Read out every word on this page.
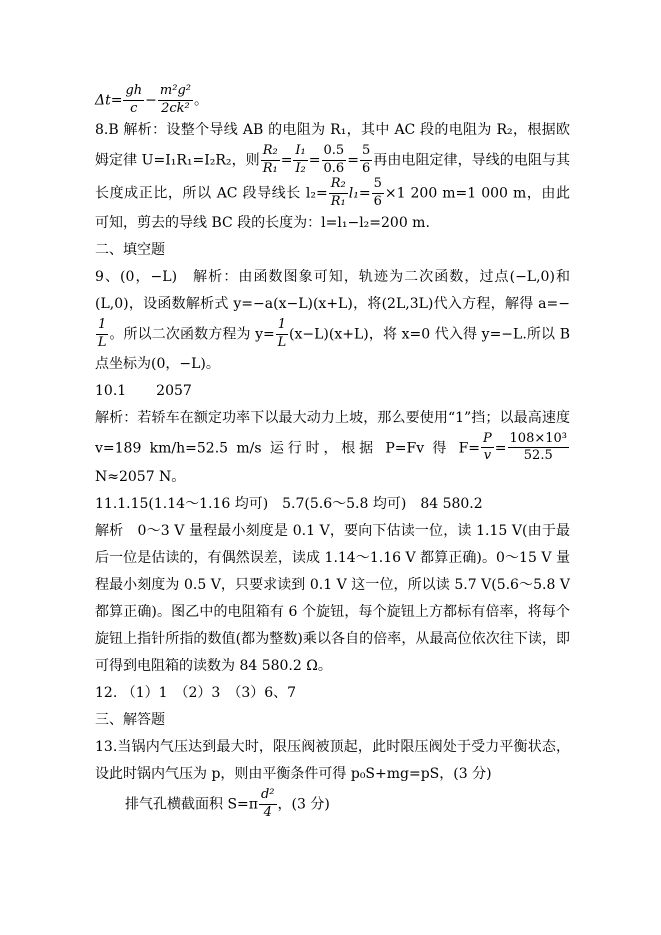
$\Delta t= \frac{gh}{c} - \frac{\text{m²g²}}{\text{2ck²}}$ 。

8.B 解析：设整个导线 AB 的电阻为 R₁，其中 AC 段的电阻为 R₂，根据欧姆定律 U=I₁R₁=I₂R₂，则 $\frac{\text{R₂}}{\text{R₁}} = \frac{\text{I₁}}{\text{I₂}} = \frac{0.5}{0.6} = \frac{5}{6}$ 再由电阻定律，导线的电阻与其长度成正比，所以 AC 段导线长 $l_2= \frac{\text{R₂}}{\text{R₁}} l_1= \frac{5}{6} \times 1$ 200 m=1 000 m，由此可知，剪去的导线 BC 段的长度为：l=l₁−l₂=200 m.

二、填空题

9、(0，−L)　解析：由函数图象可知，轨迹为二次函数，过点(−L,0)和(L,0)，设函数解析式 y=−a(x−L)(x+L)，将(2L,3L)代入方程，解得 a=−
$\frac{1}{L}$ 。所以二次函数方程为 $y= \frac{1}{L} (x-L)(x+L)$，将 x=0 代入得 y=−L.所以 B 点坐标为(0，−L)。

10.1 2057

解析：若轿车在额定功率下以最大动力上坡，那么要使用“1”挡；以最高速度 v=189 km/h=52.5 m/s 运行时，根据 P=Fv 得 $F= \frac{P}{v} = \frac{\text{108×10³}}{52.5}$
N≈2057 N。

11.1.15(1.14～1.16 均可)　5.7(5.6～5.8 均可)　84 580.2

解析　0～3 V 量程最小刻度是 0.1 V，要向下估读一位，读 1.15 V(由于最后一位是估读的，有偶然误差，读成 1.14～1.16 V 都算正确)。0～15 V 量程最小刻度为 0.5 V，只要求读到 0.1 V 这一位，所以读 5.7 V(5.6～5.8 V 都算正确)。图乙中的电阻箱有 6 个旋钮，每个旋钮上方都标有倍率，将每个旋钮上指针所指的数值(都为整数)乘以各自的倍率，从最高位依次往下读，即可得到电阻箱的读数为 84 580.2 Ω。

12. （1）1　（2）3　（3）6、7

三、解答题

13.当锅内气压达到最大时，限压阀被顶起，此时限压阀处于受力平衡状态，设此时锅内气压为 p，则由平衡条件可得 p₀S+mg=pS，(3 分)

排气孔横截面积 $S=\pi \frac{\text{d²}}{4}$ ，(3 分)
